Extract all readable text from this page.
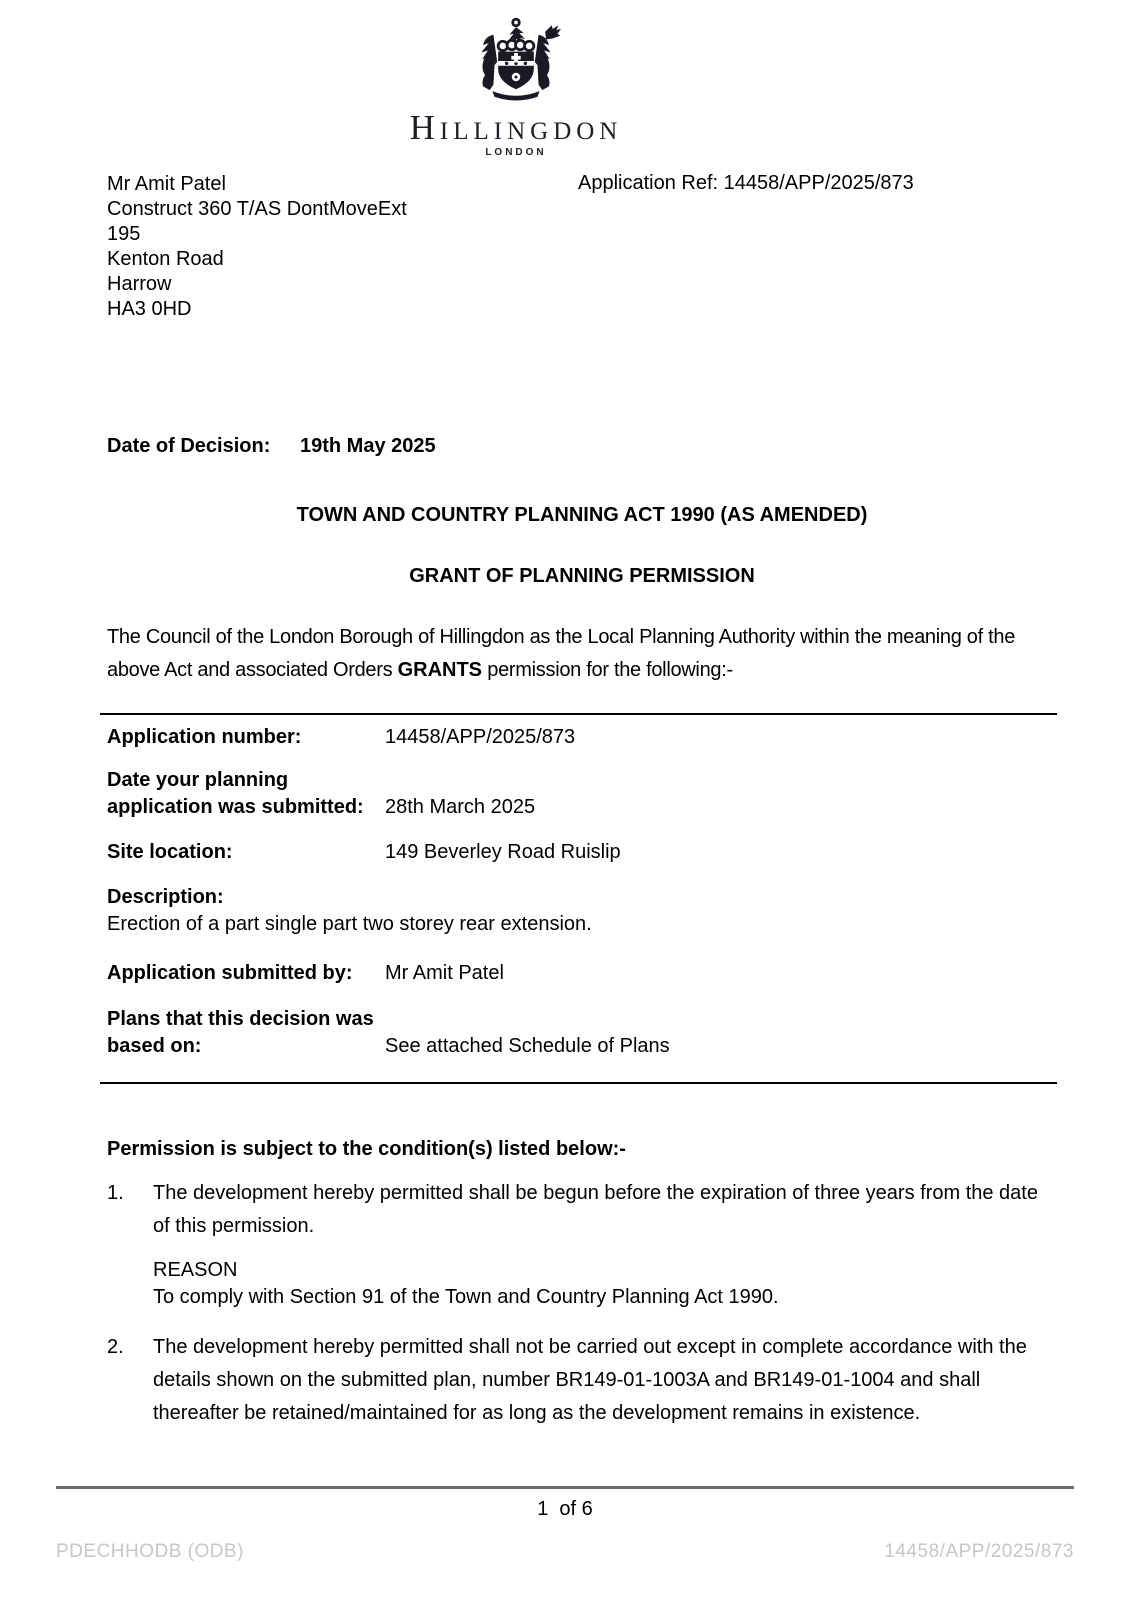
Hillingdon
LONDON
Mr Amit Patel
Construct 360 T/AS DontMoveExt
195
Kenton Road
Harrow
HA3 0HD
Application Ref: 14458/APP/2025/873
Date of Decision:	19th May 2025
TOWN AND COUNTRY PLANNING ACT 1990 (AS AMENDED)
GRANT OF PLANNING PERMISSION

The Council of the London Borough of Hillingdon as the Local Planning Authority within the meaning of the above Act and associated Orders GRANTS permission for the following:-

Application number:	14458/APP/2025/873
Date your planning
application was submitted:	28th March 2025
Site location:	149 Beverley Road Ruislip
Description:
Erection of a part single part two storey rear extension.
Application submitted by:	Mr Amit Patel
Plans that this decision was
based on:	See attached Schedule of Plans
Permission is subject to the condition(s) listed below:-
1.	The development hereby permitted shall be begun before the expiration of three years from the date of this permission.
REASON
To comply with Section 91 of the Town and Country Planning Act 1990.
2.	The development hereby permitted shall not be carried out except in complete accordance with the details shown on the submitted plan, number BR149-01-1003A and BR149-01-1004 and shall thereafter be retained/maintained for as long as the development remains in existence.
1  of 6
PDECHHODB (ODB)	14458/APP/2025/873
